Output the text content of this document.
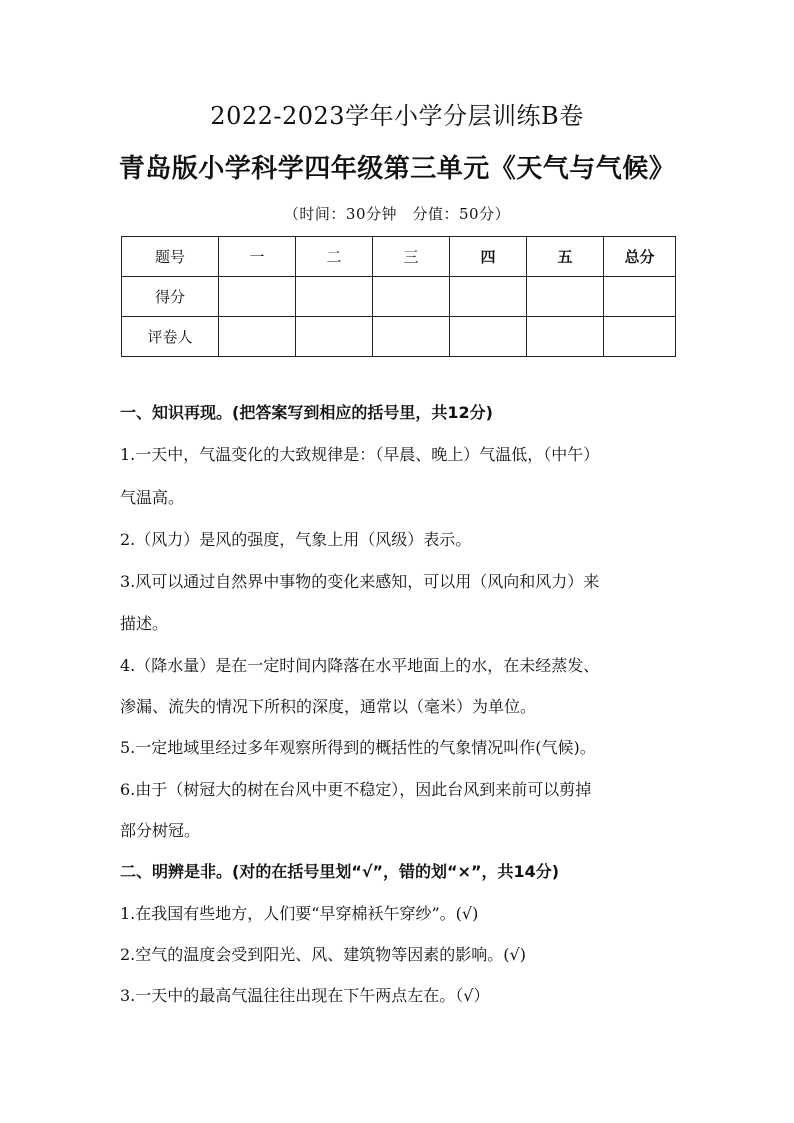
2022-2023学年小学分层训练B卷
青岛版小学科学四年级第三单元《天气与气候》
（时间：30分钟　分值：50分）
题号	一	二	三	四	五	总分
得分						
评卷人						
一、知识再现。(把答案写到相应的括号里，共12分)
1.一天中，气温变化的大致规律是：（早晨、晚上）气温低，（中午）
气温高。
2.（风力）是风的强度，气象上用（风级）表示。
3.风可以通过自然界中事物的变化来感知，可以用（风向和风力）来
描述。
4.（降水量）是在一定时间内降落在水平地面上的水，在未经蒸发、
渗漏、流失的情况下所积的深度，通常以（毫米）为单位。
5.一定地域里经过多年观察所得到的概括性的气象情况叫作(气候)。
6.由于（树冠大的树在台风中更不稳定），因此台风到来前可以剪掉
部分树冠。
二、明辨是非。(对的在括号里划“√”，错的划“×”，共14分)
1.在我国有些地方，人们要“早穿棉袄午穿纱”。(√)
2.空气的温度会受到阳光、风、建筑物等因素的影响。(√)
3.一天中的最高气温往往出现在下午两点左在。（√）
